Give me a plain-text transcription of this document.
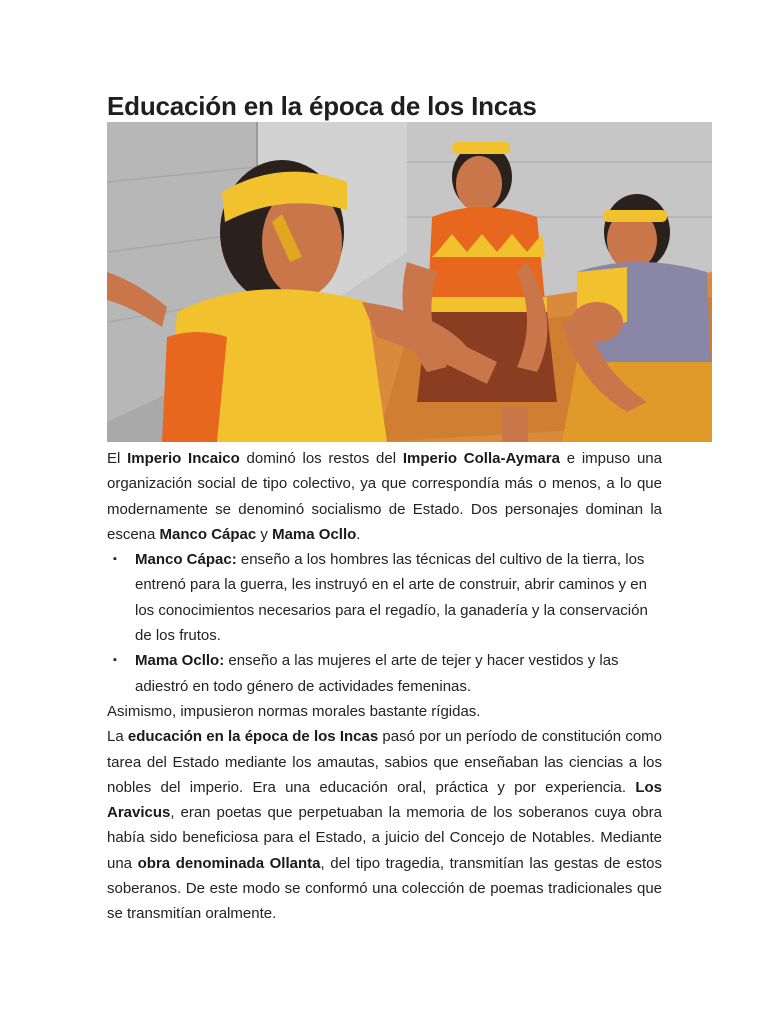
Educación en la época de los Incas

El Imperio Incaico dominó los restos del Imperio Colla-Aymara e impuso una organización social de tipo colectivo, ya que correspondía más o menos, a lo que modernamente se denominó socialismo de Estado. Dos personajes dominan la escena Manco Cápac y Mama Ocllo.

▪ Manco Cápac: enseño a los hombres las técnicas del cultivo de la tierra, los entrenó para la guerra, les instruyó en el arte de construir, abrir caminos y en los conocimientos necesarios para el regadío, la ganadería y la conservación de los frutos.
▪ Mama Ocllo: enseño a las mujeres el arte de tejer y hacer vestidos y las adiestró en todo género de actividades femeninas.

Asimismo, impusieron normas morales bastante rígidas.

La educación en la época de los Incas pasó por un período de constitución como tarea del Estado mediante los amautas, sabios que enseñaban las ciencias a los nobles del imperio. Era una educación oral, práctica y por experiencia. Los Aravicus, eran poetas que perpetuaban la memoria de los soberanos cuya obra había sido beneficiosa para el Estado, a juicio del Concejo de Notables. Mediante una obra denominada Ollanta, del tipo tragedia, transmitían las gestas de estos soberanos. De este modo se conformó una colección de poemas tradicionales que se transmitían oralmente.
